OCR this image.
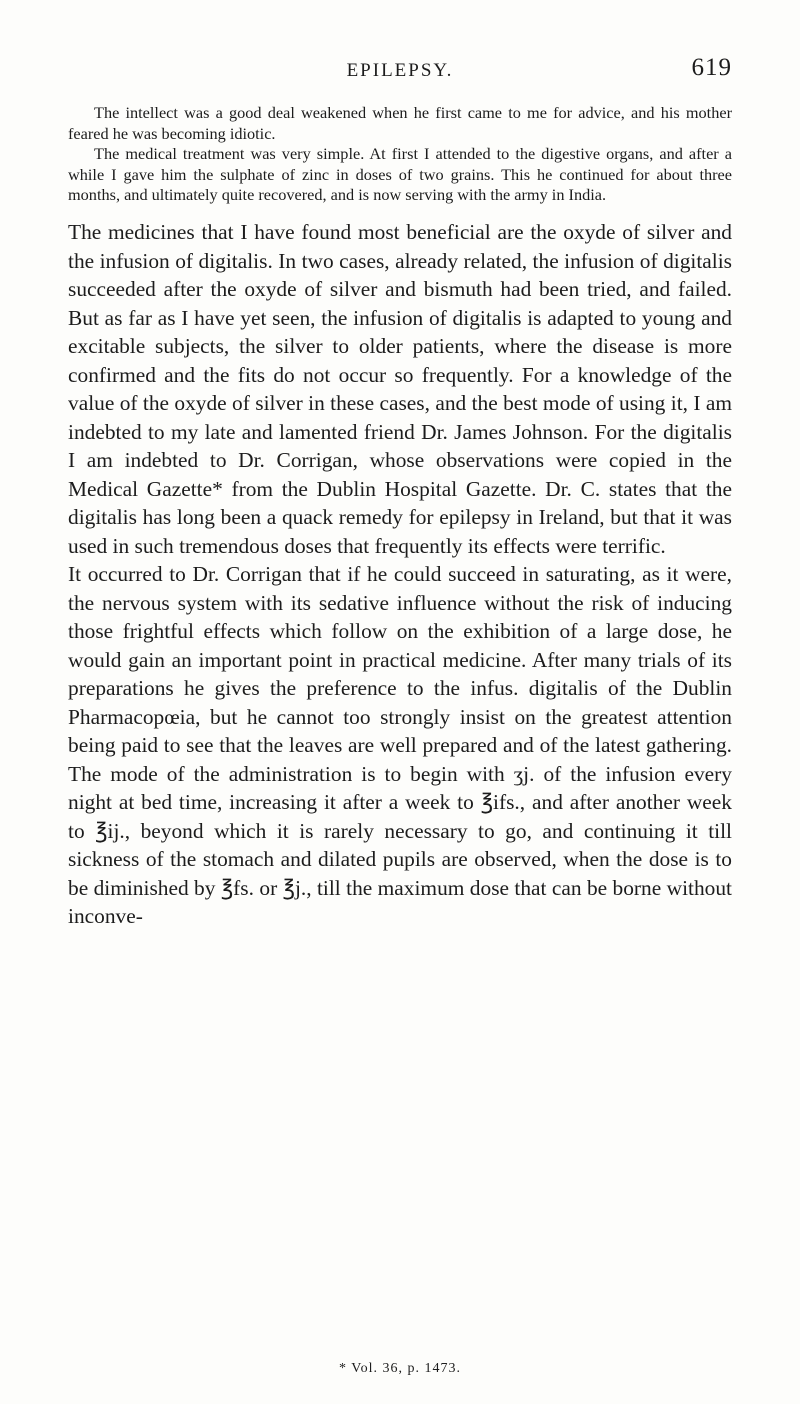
EPILEPSY.	619

The intellect was a good deal weakened when he first came to me for advice, and his mother feared he was becoming idiotic.

The medical treatment was very simple. At first I attended to the digestive organs, and after a while I gave him the sulphate of zinc in doses of two grains. This he continued for about three months, and ultimately quite recovered, and is now serving with the army in India.

The medicines that I have found most beneficial are the oxyde of silver and the infusion of digitalis. In two cases, already related, the infusion of digitalis succeeded after the oxyde of silver and bismuth had been tried, and failed. But as far as I have yet seen, the infusion of digitalis is adapted to young and excitable subjects, the silver to older patients, where the disease is more confirmed and the fits do not occur so frequently. For a knowledge of the value of the oxyde of silver in these cases, and the best mode of using it, I am indebted to my late and lamented friend Dr. James Johnson. For the digitalis I am indebted to Dr. Corrigan, whose observations were copied in the Medical Gazette* from the Dublin Hospital Gazette. Dr. C. states that the digitalis has long been a quack remedy for epilepsy in Ireland, but that it was used in such tremendous doses that frequently its effects were terrific.

It occurred to Dr. Corrigan that if he could succeed in saturating, as it were, the nervous system with its sedative influence without the risk of inducing those frightful effects which follow on the exhibition of a large dose, he would gain an important point in practical medicine. After many trials of its preparations he gives the preference to the infus. digitalis of the Dublin Pharmacopœia, but he cannot too strongly insist on the greatest attention being paid to see that the leaves are well prepared and of the latest gathering. The mode of the administration is to begin with ʒj. of the infusion every night at bed time, increasing it after a week to ℥ifs., and after another week to ℥ij., beyond which it is rarely necessary to go, and continuing it till sickness of the stomach and dilated pupils are observed, when the dose is to be diminished by ℥fs. or ℥j., till the maximum dose that can be borne without inconve-

* Vol. 36, p. 1473.
